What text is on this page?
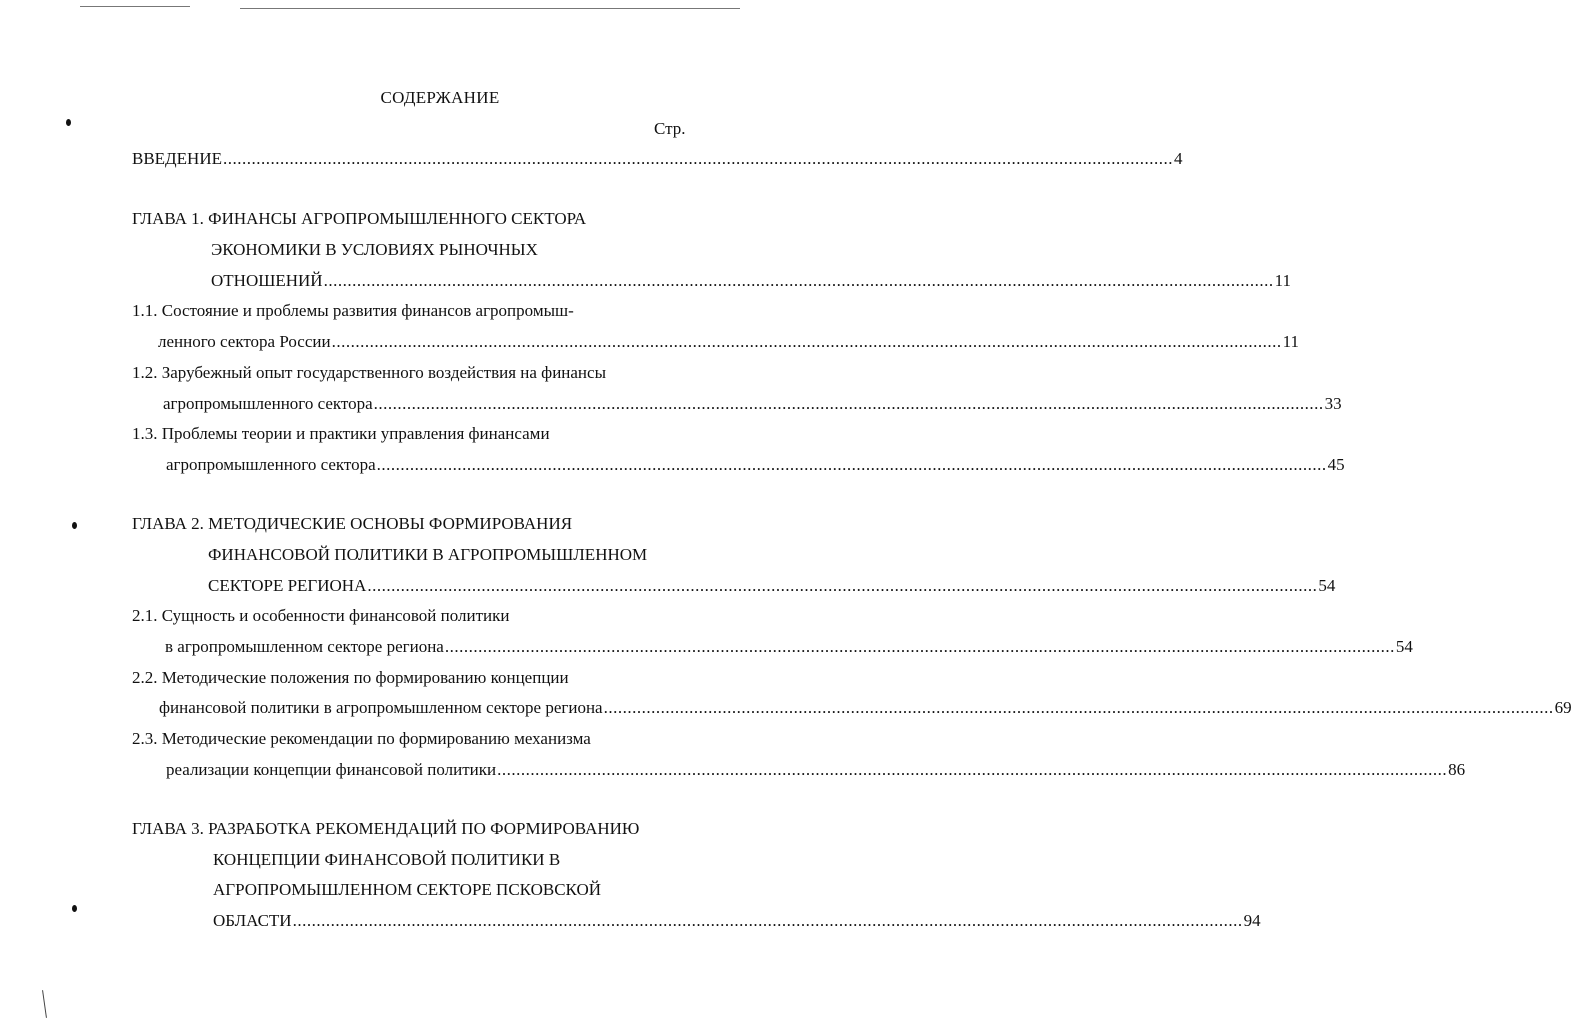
СОДЕРЖАНИЕ
Стр.
ВВЕДЕНИЕ ........................................................................................................................................................................................................ 4
ГЛАВА 1. ФИНАНСЫ АГРОПРОМЫШЛЕННОГО СЕКТОРА
ЭКОНОМИКИ В УСЛОВИЯХ РЫНОЧНЫХ
ОТНОШЕНИЙ ........................................................................................................................................................................................................ 11
1.1. Состояние и проблемы развития финансов агропромыш-
ленного сектора России ........................................................................................................................................................................................................ 11
1.2. Зарубежный опыт государственного воздействия на финансы
агропромышленного сектора ........................................................................................................................................................................................................ 33
1.3. Проблемы теории и практики управления финансами
агропромышленного сектора ........................................................................................................................................................................................................ 45
ГЛАВА 2. МЕТОДИЧЕСКИЕ ОСНОВЫ ФОРМИРОВАНИЯ
ФИНАНСОВОЙ ПОЛИТИКИ В АГРОПРОМЫШЛЕННОМ
СЕКТОРЕ РЕГИОНА ........................................................................................................................................................................................................ 54
2.1. Сущность и особенности финансовой политики
в агропромышленном секторе региона ........................................................................................................................................................................................................ 54
2.2. Методические положения по формированию концепции
финансовой политики в агропромышленном секторе региона ........................................................................................................................................................................................................ 69
2.3. Методические рекомендации по формированию механизма
реализации концепции финансовой политики ........................................................................................................................................................................................................ 86
ГЛАВА 3. РАЗРАБОТКА РЕКОМЕНДАЦИЙ ПО ФОРМИРОВАНИЮ
КОНЦЕПЦИИ ФИНАНСОВОЙ ПОЛИТИКИ В
АГРОПРОМЫШЛЕННОМ СЕКТОРЕ ПСКОВСКОЙ
ОБЛАСТИ ........................................................................................................................................................................................................ 94
